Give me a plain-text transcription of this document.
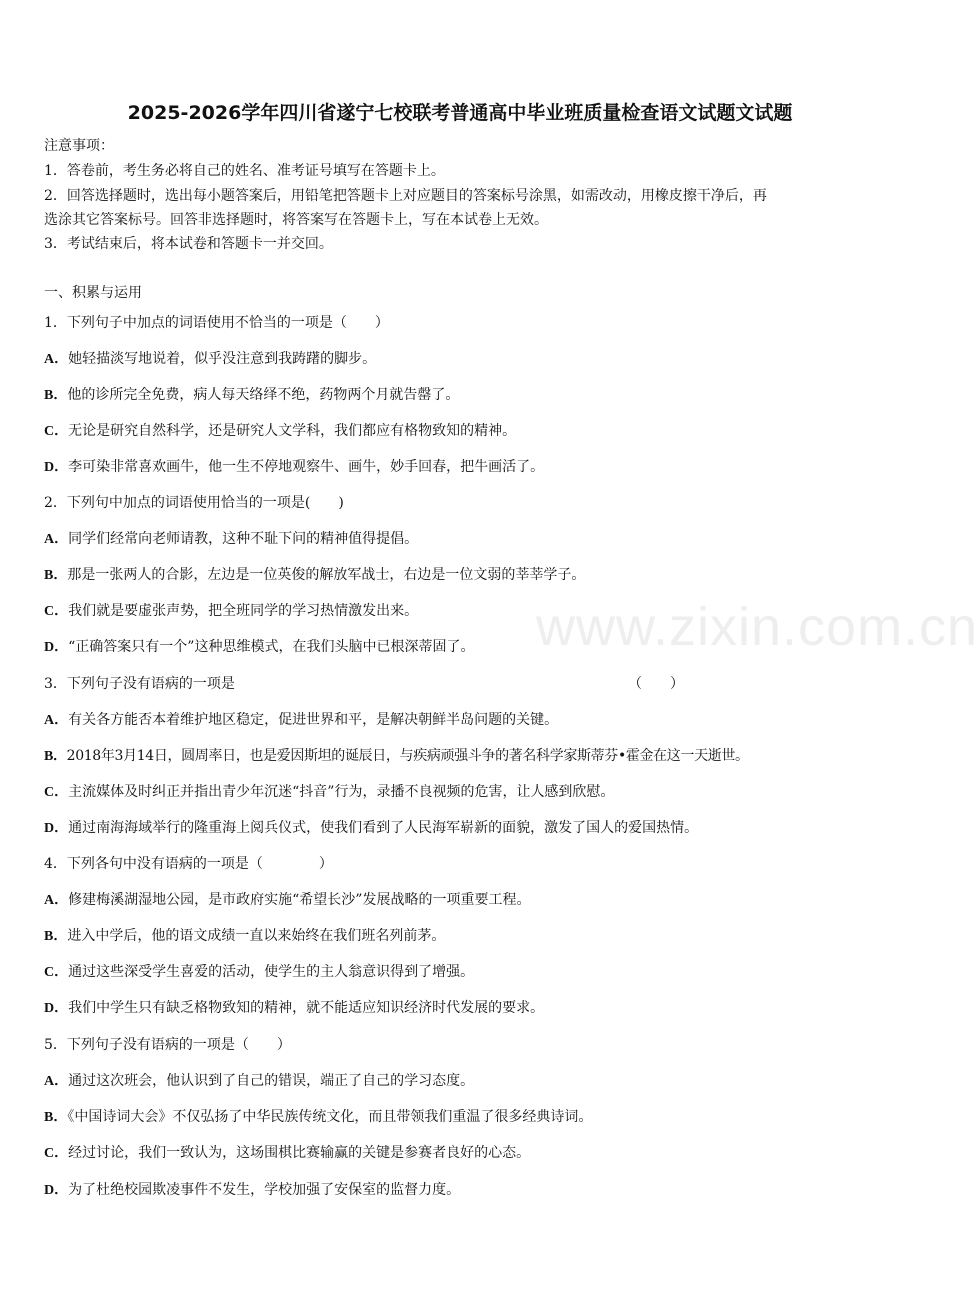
2025-2026学年四川省遂宁七校联考普通高中毕业班质量检查语文试题文试题
注意事项：
1．答卷前，考生务必将自己的姓名、准考证号填写在答题卡上。
2．回答选择题时，选出每小题答案后，用铅笔把答题卡上对应题目的答案标号涂黑，如需改动，用橡皮擦干净后，再
选涂其它答案标号。回答非选择题时，将答案写在答题卡上，写在本试卷上无效。
3．考试结束后，将本试卷和答题卡一并交回。
一、积累与运用
1．下列句子中加点的词语使用不恰当的一项是（　　）
A．她轻描淡写地说着，似乎没注意到我踌躇的脚步。
B．他的诊所完全免费，病人每天络绎不绝，药物两个月就告罄了。
C．无论是研究自然科学，还是研究人文学科，我们都应有格物致知的精神。
D．李可染非常喜欢画牛，他一生不停地观察牛、画牛，妙手回春，把牛画活了。
2．下列句中加点的词语使用恰当的一项是(　　)
A．同学们经常向老师请教，这种不耻下问的精神值得提倡。
B．那是一张两人的合影，左边是一位英俊的解放军战士，右边是一位文弱的莘莘学子。
C．我们就是要虚张声势，把全班同学的学习热情激发出来。
D．“正确答案只有一个”这种思维模式，在我们头脑中已根深蒂固了。
3．下列句子没有语病的一项是	（　　）
A．有关各方能否本着维护地区稳定，促进世界和平，是解决朝鲜半岛问题的关键。
B．2018年3月14日，圆周率日，也是爱因斯坦的诞辰日，与疾病顽强斗争的著名科学家斯蒂芬•霍金在这一天逝世。
C．主流媒体及时纠正并指出青少年沉迷“抖音”行为，录播不良视频的危害，让人感到欣慰。
D．通过南海海域举行的隆重海上阅兵仪式，使我们看到了人民海军崭新的面貌，激发了国人的爱国热情。
4．下列各句中没有语病的一项是（　　　　）
A．修建梅溪湖湿地公园，是市政府实施“希望长沙”发展战略的一项重要工程。
B．进入中学后，他的语文成绩一直以来始终在我们班名列前茅。
C．通过这些深受学生喜爱的活动，使学生的主人翁意识得到了增强。
D．我们中学生只有缺乏格物致知的精神，就不能适应知识经济时代发展的要求。
5．下列句子没有语病的一项是（　　）
A．通过这次班会，他认识到了自己的错误，端正了自己的学习态度。
B．《中国诗词大会》不仅弘扬了中华民族传统文化，而且带领我们重温了很多经典诗词。
C．经过讨论，我们一致认为，这场围棋比赛输赢的关键是参赛者良好的心态。
D．为了杜绝校园欺凌事件不发生，学校加强了安保室的监督力度。
www.zixin.com.cn
